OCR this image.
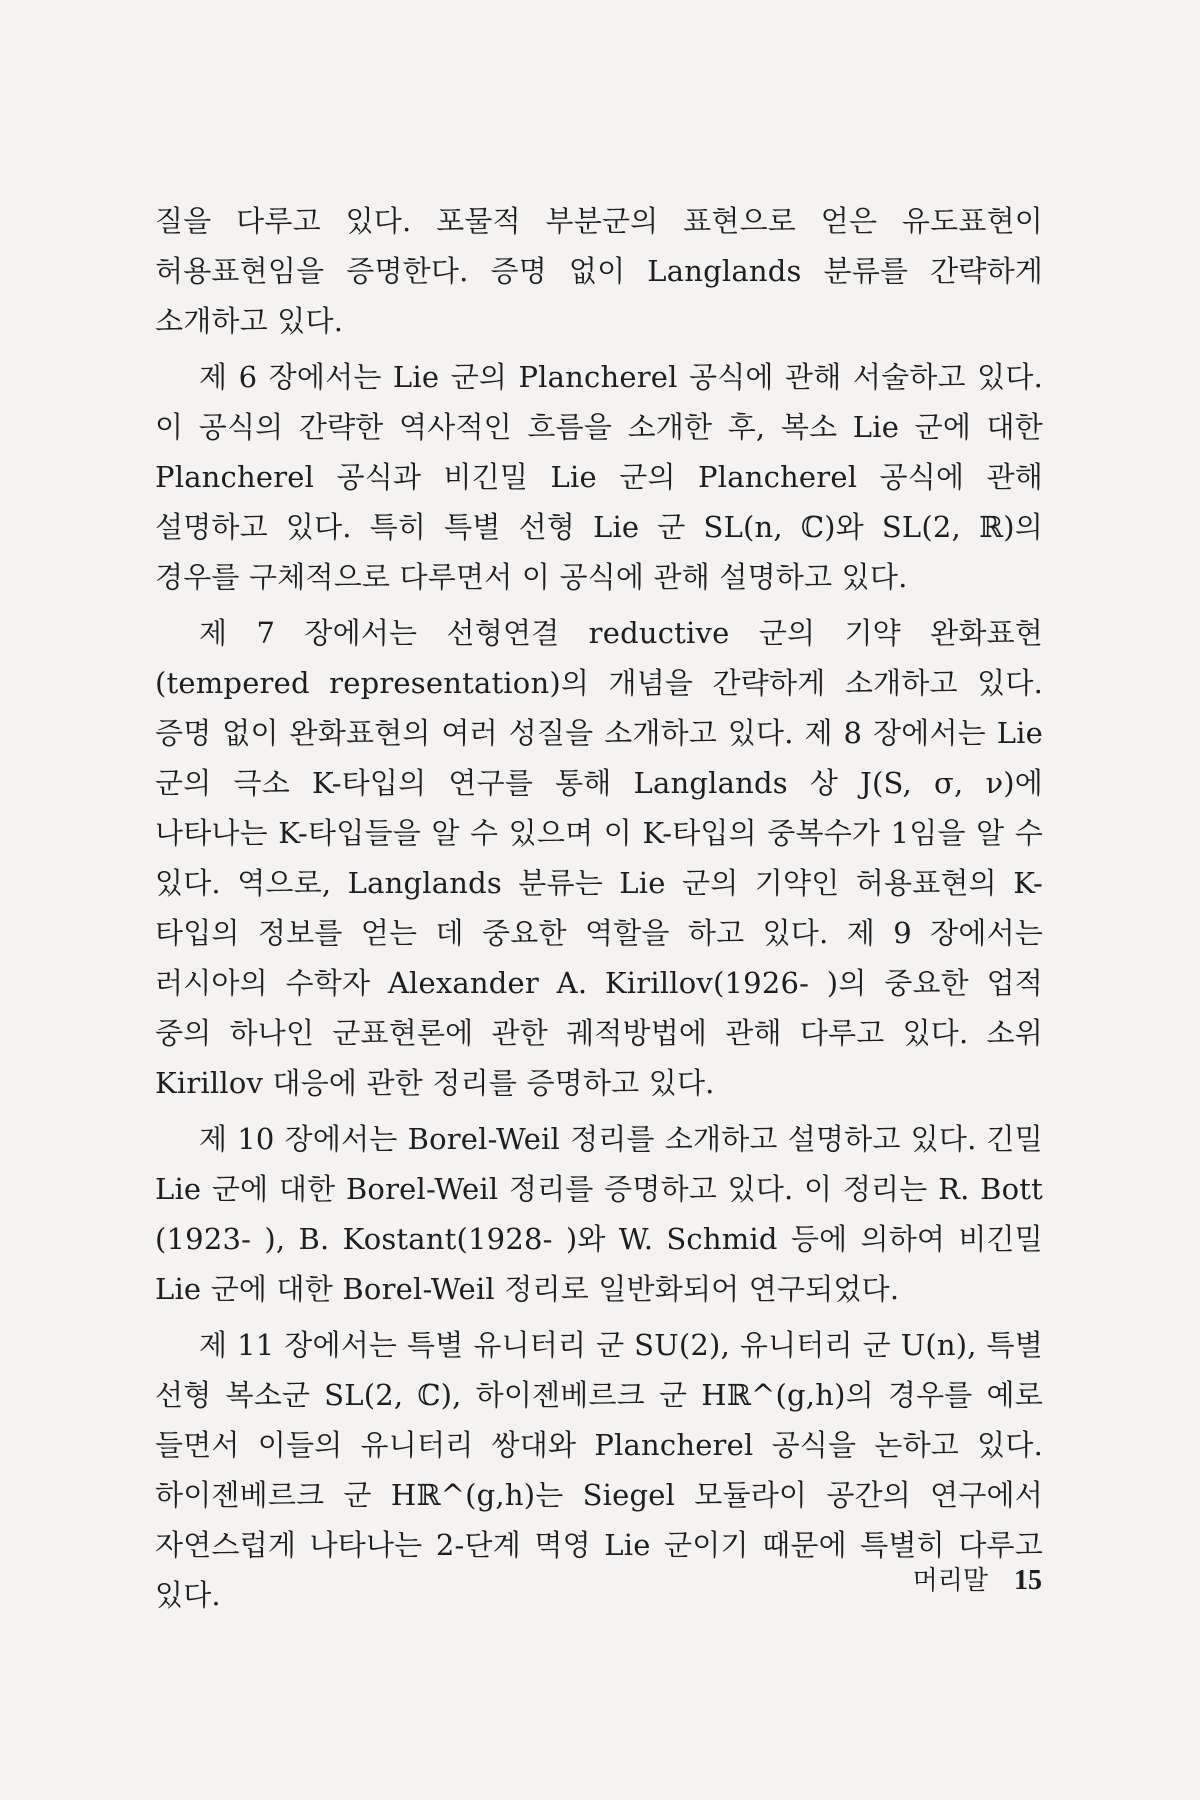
질을 다루고 있다. 포물적 부분군의 표현으로 얻은 유도표현이 허용표현임을 증명한다. 증명 없이 Langlands 분류를 간략하게 소개하고 있다.

제 6 장에서는 Lie 군의 Plancherel 공식에 관해 서술하고 있다. 이 공식의 간략한 역사적인 흐름을 소개한 후, 복소 Lie 군에 대한 Plancherel 공식과 비긴밀 Lie 군의 Plancherel 공식에 관해 설명하고 있다. 특히 특별 선형 Lie 군 SL(n, ℂ)와 SL(2, ℝ)의 경우를 구체적으로 다루면서 이 공식에 관해 설명하고 있다.

제 7 장에서는 선형연결 reductive 군의 기약 완화표현(tempered representation)의 개념을 간략하게 소개하고 있다. 증명 없이 완화표현의 여러 성질을 소개하고 있다. 제 8 장에서는 Lie 군의 극소 K-타입의 연구를 통해 Langlands 상 J(S, σ, ν)에 나타나는 K-타입들을 알 수 있으며 이 K-타입의 중복수가 1임을 알 수 있다. 역으로, Langlands 분류는 Lie 군의 기약인 허용표현의 K-타입의 정보를 얻는 데 중요한 역할을 하고 있다. 제 9 장에서는 러시아의 수학자 Alexander A. Kirillov(1926- )의 중요한 업적 중의 하나인 군표현론에 관한 궤적방법에 관해 다루고 있다. 소위 Kirillov 대응에 관한 정리를 증명하고 있다.

제 10 장에서는 Borel-Weil 정리를 소개하고 설명하고 있다. 긴밀 Lie 군에 대한 Borel-Weil 정리를 증명하고 있다. 이 정리는 R. Bott (1923- ), B. Kostant(1928- )와 W. Schmid 등에 의하여 비긴밀 Lie 군에 대한 Borel-Weil 정리로 일반화되어 연구되었다.

제 11 장에서는 특별 유니터리 군 SU(2), 유니터리 군 U(n), 특별 선형 복소군 SL(2, ℂ), 하이젠베르크 군 Hℝ^(g,h)의 경우를 예로 들면서 이들의 유니터리 쌍대와 Plancherel 공식을 논하고 있다. 하이젠베르크 군 Hℝ^(g,h)는 Siegel 모듈라이 공간의 연구에서 자연스럽게 나타나는 2-단계 멱영 Lie 군이기 때문에 특별히 다루고 있다.	머리말 15
